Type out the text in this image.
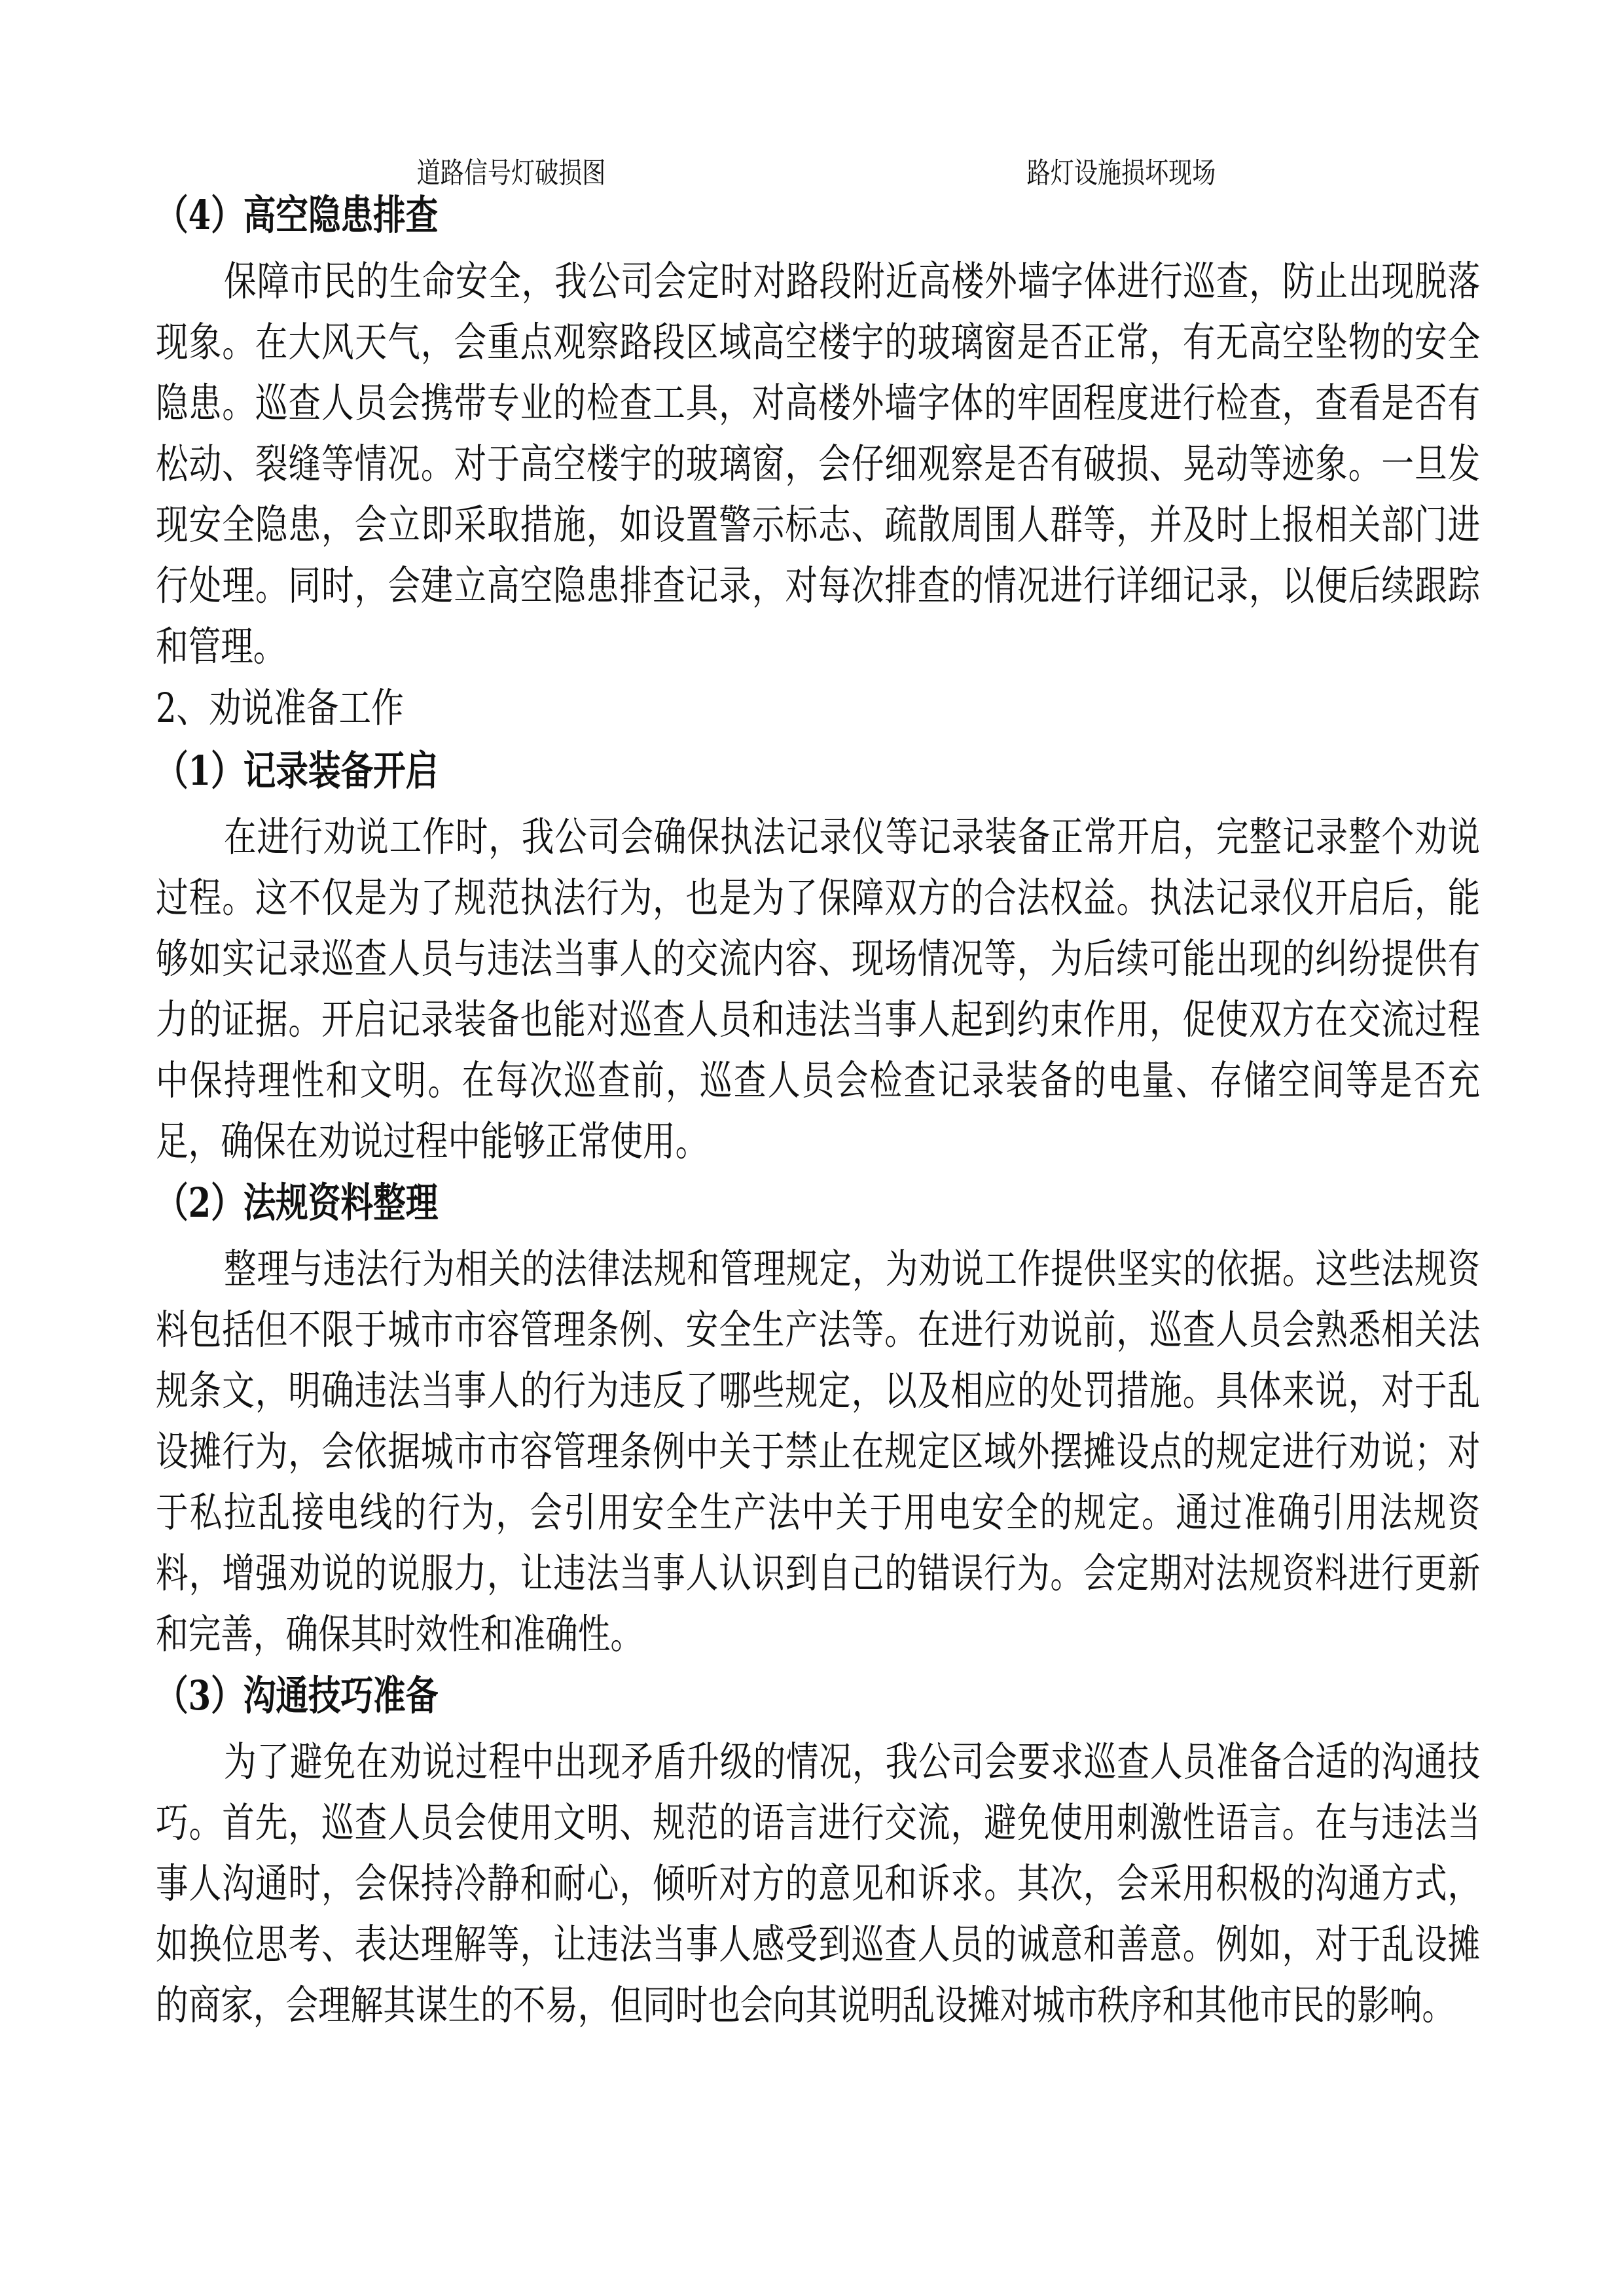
道路信号灯破损图	路灯设施损坏现场
（4）高空隐患排查
保障市民的生命安全，我公司会定时对路段附近高楼外墙字体进行巡查，防止出现脱落
现象。在大风天气，会重点观察路段区域高空楼宇的玻璃窗是否正常，有无高空坠物的安全
隐患。巡查人员会携带专业的检查工具，对高楼外墙字体的牢固程度进行检查，查看是否有
松动、裂缝等情况。对于高空楼宇的玻璃窗，会仔细观察是否有破损、晃动等迹象。一旦发
现安全隐患，会立即采取措施，如设置警示标志、疏散周围人群等，并及时上报相关部门进
行处理。同时，会建立高空隐患排查记录，对每次排查的情况进行详细记录，以便后续跟踪
和管理。
2、劝说准备工作
（1）记录装备开启
在进行劝说工作时，我公司会确保执法记录仪等记录装备正常开启，完整记录整个劝说
过程。这不仅是为了规范执法行为，也是为了保障双方的合法权益。执法记录仪开启后，能
够如实记录巡查人员与违法当事人的交流内容、现场情况等，为后续可能出现的纠纷提供有
力的证据。开启记录装备也能对巡查人员和违法当事人起到约束作用，促使双方在交流过程
中保持理性和文明。在每次巡查前，巡查人员会检查记录装备的电量、存储空间等是否充
足，确保在劝说过程中能够正常使用。
（2）法规资料整理
整理与违法行为相关的法律法规和管理规定，为劝说工作提供坚实的依据。这些法规资
料包括但不限于城市市容管理条例、安全生产法等。在进行劝说前，巡查人员会熟悉相关法
规条文，明确违法当事人的行为违反了哪些规定，以及相应的处罚措施。具体来说，对于乱
设摊行为，会依据城市市容管理条例中关于禁止在规定区域外摆摊设点的规定进行劝说；对
于私拉乱接电线的行为，会引用安全生产法中关于用电安全的规定。通过准确引用法规资
料，增强劝说的说服力，让违法当事人认识到自己的错误行为。会定期对法规资料进行更新
和完善，确保其时效性和准确性。
（3）沟通技巧准备
为了避免在劝说过程中出现矛盾升级的情况，我公司会要求巡查人员准备合适的沟通技
巧。首先，巡查人员会使用文明、规范的语言进行交流，避免使用刺激性语言。在与违法当
事人沟通时，会保持冷静和耐心，倾听对方的意见和诉求。其次，会采用积极的沟通方式，
如换位思考、表达理解等，让违法当事人感受到巡查人员的诚意和善意。例如，对于乱设摊
的商家，会理解其谋生的不易，但同时也会向其说明乱设摊对城市秩序和其他市民的影响。
